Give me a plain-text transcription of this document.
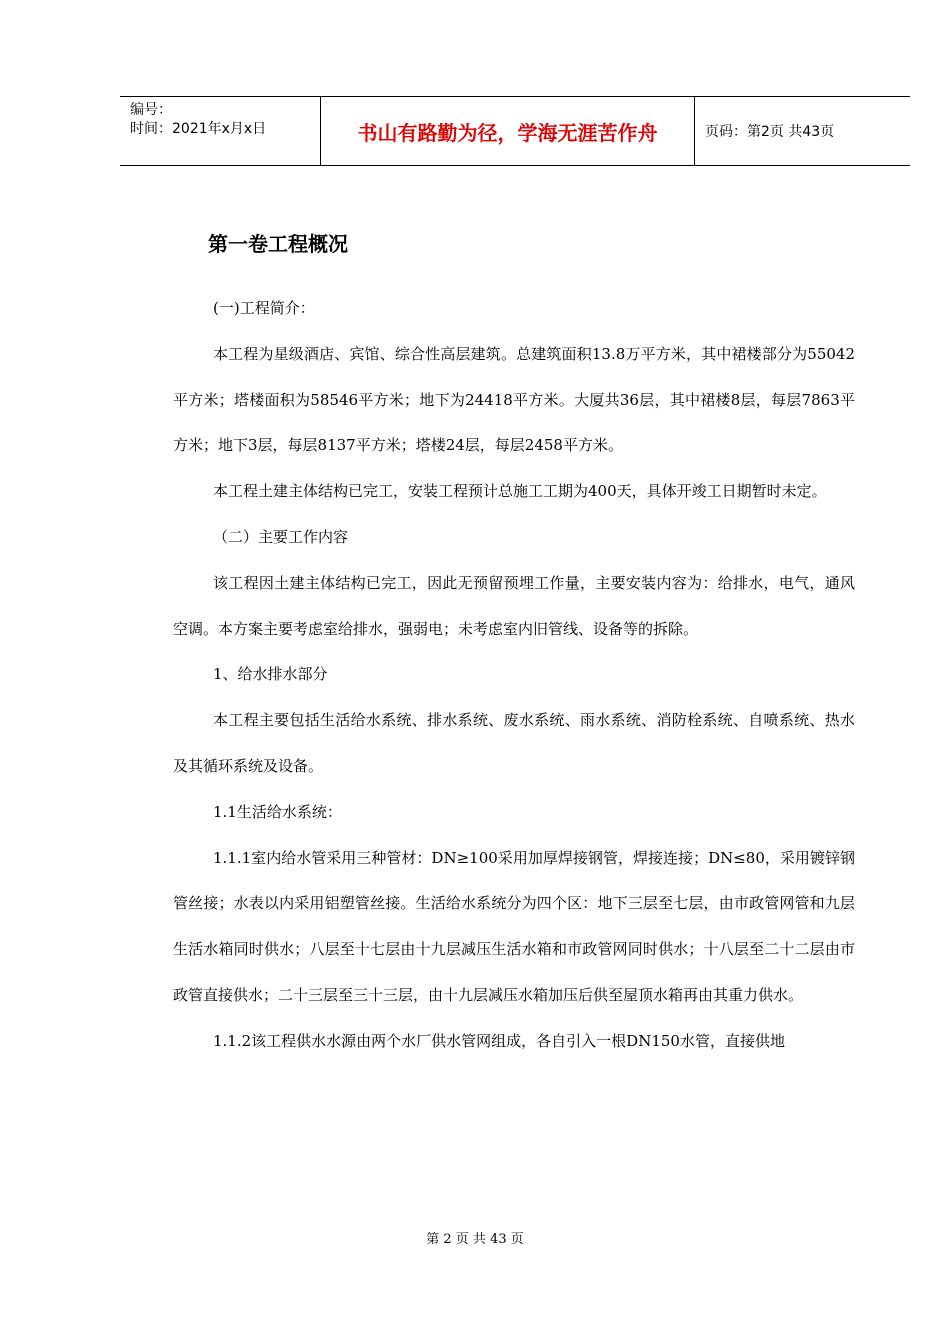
编号：
时间：2021年x月x日	书山有路勤为径，学海无涯苦作舟	页码：第2页 共43页
第一卷工程概况

(一)工程简介：

本工程为星级酒店、宾馆、综合性高层建筑。总建筑面积13.8万平方米，其中裙楼部分为55042平方米；塔楼面积为58546平方米；地下为24418平方米。大厦共36层，其中裙楼8层，每层7863平方米；地下3层，每层8137平方米；塔楼24层，每层2458平方米。

本工程土建主体结构已完工，安装工程预计总施工工期为400天，具体开竣工日期暂时未定。

（二）主要工作内容

该工程因土建主体结构已完工，因此无预留预埋工作量，主要安装内容为：给排水，电气，通风空调。本方案主要考虑室给排水，强弱电；未考虑室内旧管线、设备等的拆除。

1、给水排水部分

本工程主要包括生活给水系统、排水系统、废水系统、雨水系统、消防栓系统、自喷系统、热水及其循环系统及设备。

1.1生活给水系统：

1.1.1室内给水管采用三种管材：DN≥100采用加厚焊接钢管，焊接连接；DN≤80，采用镀锌钢管丝接；水表以内采用铝塑管丝接。生活给水系统分为四个区：地下三层至七层，由市政管网管和九层生活水箱同时供水；八层至十七层由十九层减压生活水箱和市政管网同时供水；十八层至二十二层由市政管直接供水；二十三层至三十三层，由十九层减压水箱加压后供至屋顶水箱再由其重力供水。

1.1.2该工程供水水源由两个水厂供水管网组成，各自引入一根DN150水管，直接供地

第 2 页 共 43 页
